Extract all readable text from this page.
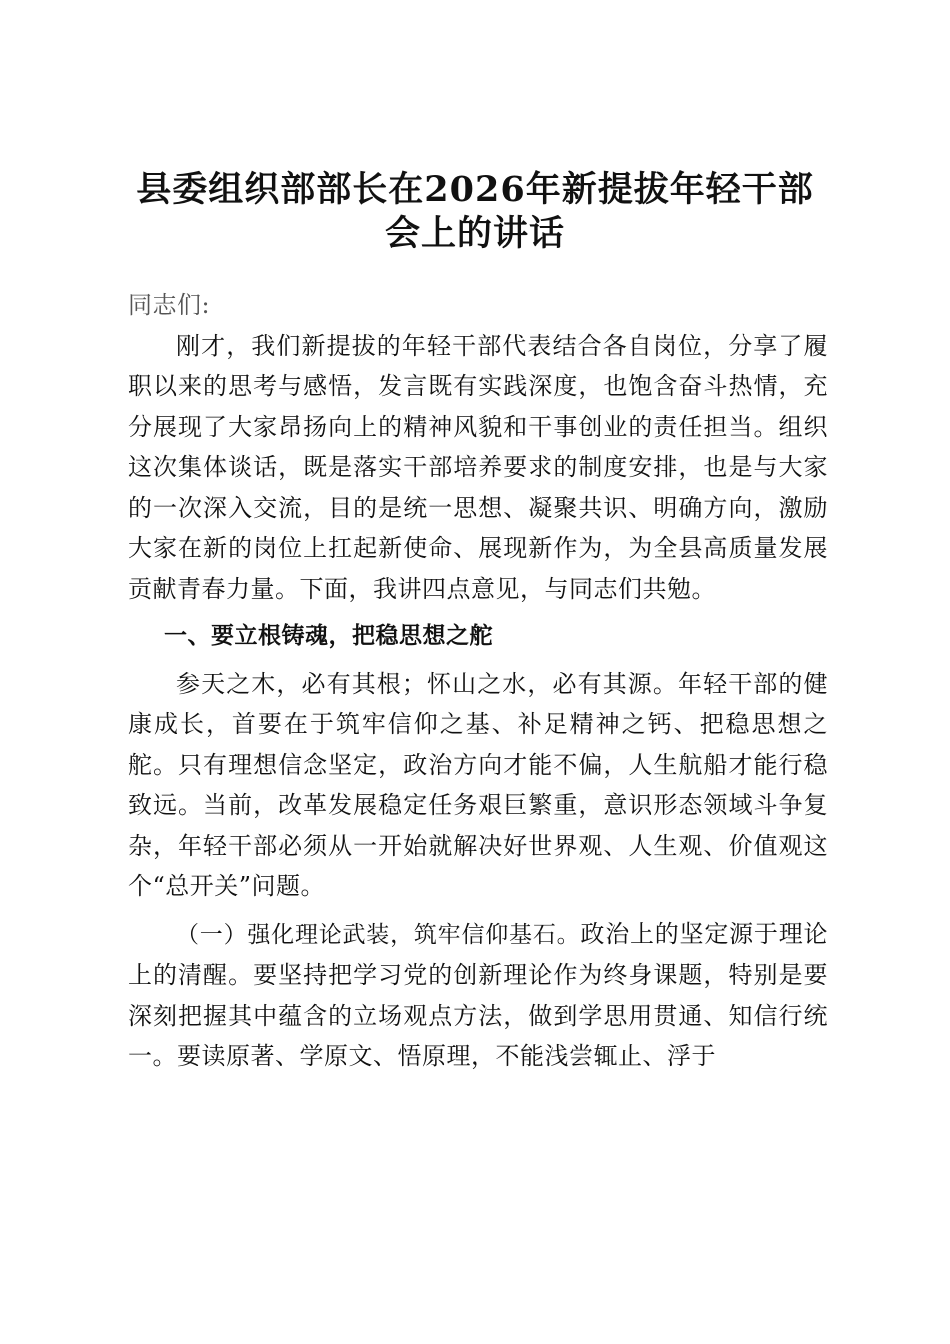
县委组织部部长在2026年新提拔年轻干部
会上的讲话

同志们:

刚才，我们新提拔的年轻干部代表结合各自岗位，分享了履职以来的思考与感悟，发言既有实践深度，也饱含奋斗热情，充分展现了大家昂扬向上的精神风貌和干事创业的责任担当。组织这次集体谈话，既是落实干部培养要求的制度安排，也是与大家的一次深入交流，目的是统一思想、凝聚共识、明确方向，激励大家在新的岗位上扛起新使命、展现新作为，为全县高质量发展贡献青春力量。下面，我讲四点意见，与同志们共勉。

一、要立根铸魂，把稳思想之舵

参天之木，必有其根；怀山之水，必有其源。年轻干部的健康成长，首要在于筑牢信仰之基、补足精神之钙、把稳思想之舵。只有理想信念坚定，政治方向才能不偏，人生航船才能行稳致远。当前，改革发展稳定任务艰巨繁重，意识形态领域斗争复杂，年轻干部必须从一开始就解决好世界观、人生观、价值观这个“总开关”问题。

（一）强化理论武装，筑牢信仰基石。政治上的坚定源于理论上的清醒。要坚持把学习党的创新理论作为终身课题，特别是要深刻把握其中蕴含的立场观点方法，做到学思用贯通、知信行统一。要读原著、学原文、悟原理，不能浅尝辄止、浮于
